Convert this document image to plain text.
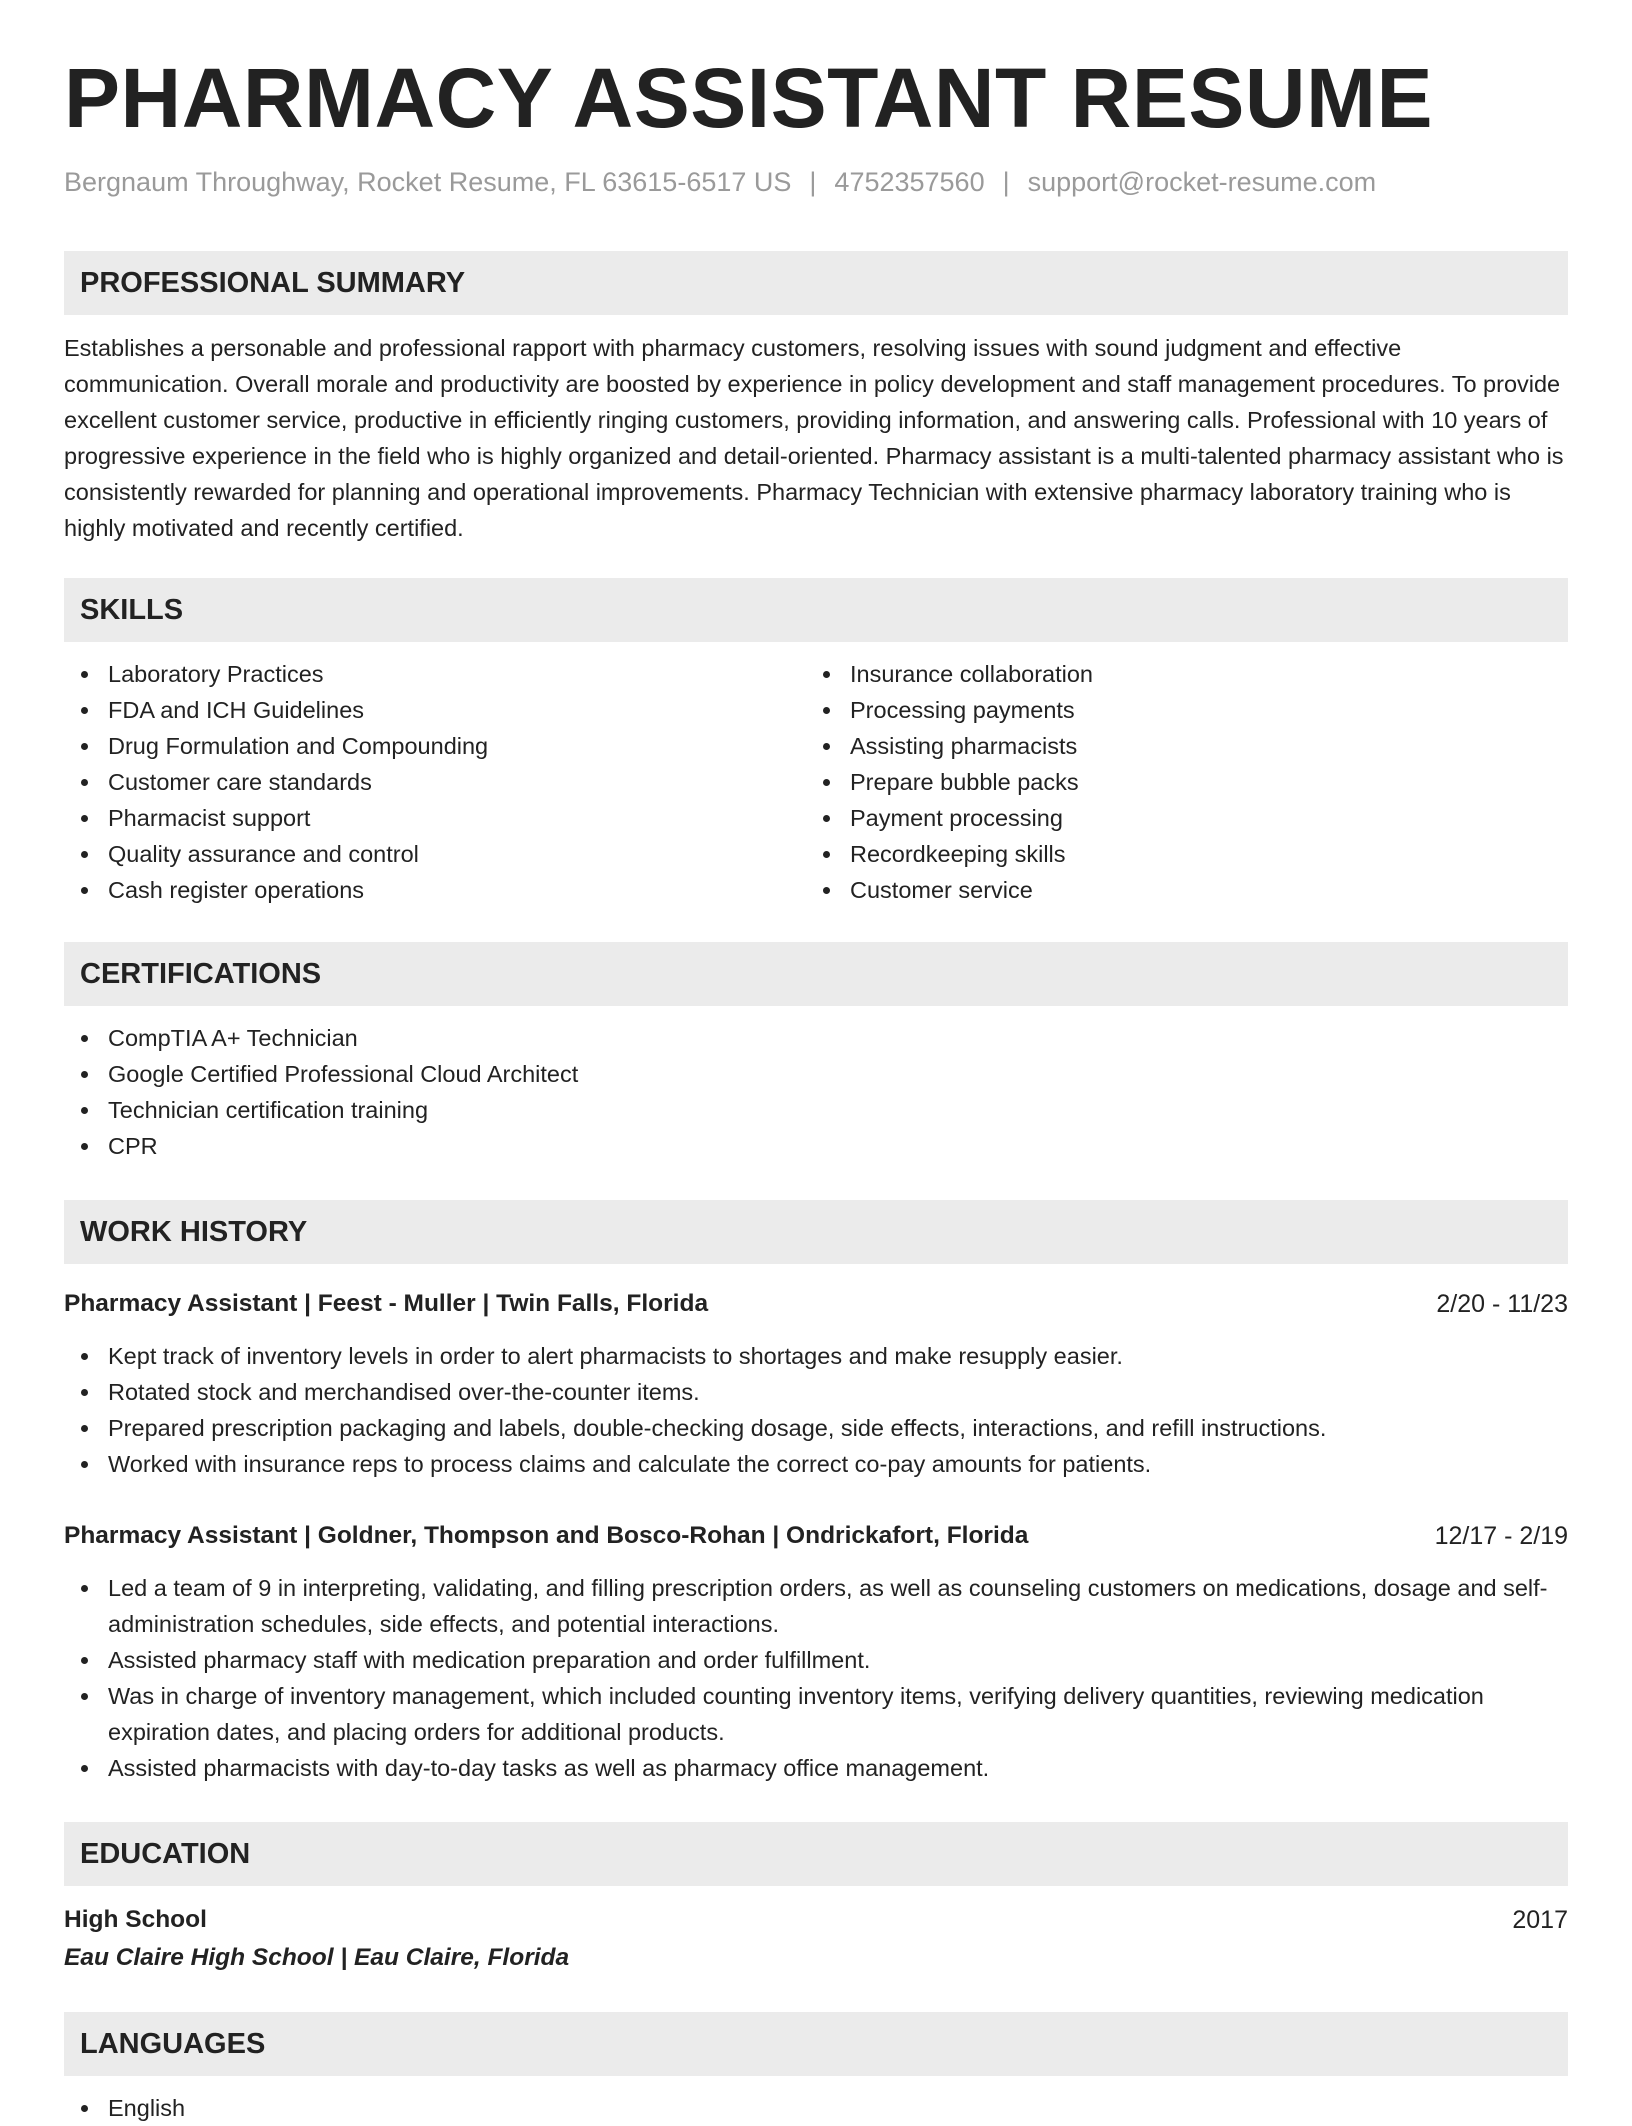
PHARMACY ASSISTANT RESUME
Bergnaum Throughway, Rocket Resume, FL 63615-6517 US | 4752357560 | support@rocket-resume.com
PROFESSIONAL SUMMARY

Establishes a personable and professional rapport with pharmacy customers, resolving issues with sound judgment and effective communication. Overall morale and productivity are boosted by experience in policy development and staff management procedures. To provide excellent customer service, productive in efficiently ringing customers, providing information, and answering calls. Professional with 10 years of progressive experience in the field who is highly organized and detail-oriented. Pharmacy assistant is a multi-talented pharmacy assistant who is consistently rewarded for planning and operational improvements. Pharmacy Technician with extensive pharmacy laboratory training who is highly motivated and recently certified.

SKILLS
Laboratory Practices
FDA and ICH Guidelines
Drug Formulation and Compounding
Customer care standards
Pharmacist support
Quality assurance and control
Cash register operations
Insurance collaboration
Processing payments
Assisting pharmacists
Prepare bubble packs
Payment processing
Recordkeeping skills
Customer service
CERTIFICATIONS
CompTIA A+ Technician
Google Certified Professional Cloud Architect
Technician certification training
CPR
WORK HISTORY
Pharmacy Assistant | Feest - Muller | Twin Falls, Florida	2/20 - 11/23
Kept track of inventory levels in order to alert pharmacists to shortages and make resupply easier.
Rotated stock and merchandised over-the-counter items.
Prepared prescription packaging and labels, double-checking dosage, side effects, interactions, and refill instructions.
Worked with insurance reps to process claims and calculate the correct co-pay amounts for patients.
Pharmacy Assistant | Goldner, Thompson and Bosco-Rohan | Ondrickafort, Florida	12/17 - 2/19
Led a team of 9 in interpreting, validating, and filling prescription orders, as well as counseling customers on medications, dosage and self-administration schedules, side effects, and potential interactions.
Assisted pharmacy staff with medication preparation and order fulfillment.
Was in charge of inventory management, which included counting inventory items, verifying delivery quantities, reviewing medication expiration dates, and placing orders for additional products.
Assisted pharmacists with day-to-day tasks as well as pharmacy office management.
EDUCATION
High School	2017
Eau Claire High School | Eau Claire, Florida
LANGUAGES
English
